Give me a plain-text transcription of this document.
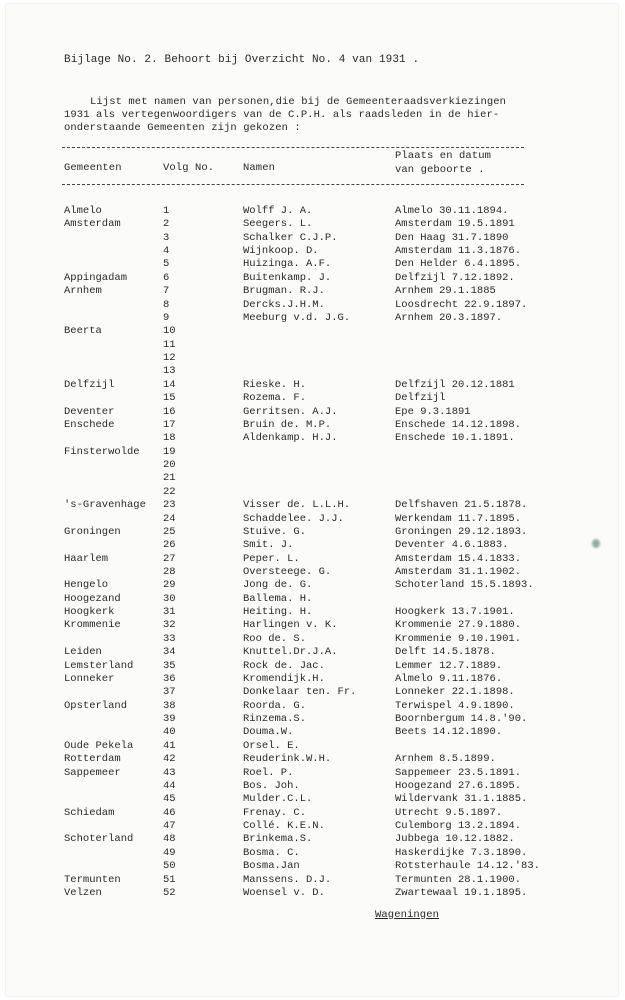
Bijlage No. 2. Behoort bij Overzicht No. 4 van 1931 .
Lijst met namen van personen,die bij de Gemeenteraadsverkiezingen
1931 als vertegenwoordigers van de C.P.H. als raadsleden in de hier-
onderstaande Gemeenten zijn gekozen :
Gemeenten	Volg No.	Namen
Plaats en datum
van geboorte .
Almelo	1	Wolff J. A.	Almelo 30.11.1894.
Amsterdam	2	Seegers. L.	Amsterdam 19.5.1891
3	Schalker C.J.P.	Den Haag 31.7.1890
4	Wijnkoop. D.	Amsterdam 11.3.1876.
5	Huizinga. A.F.	Den Helder 6.4.1895.
Appingadam	6	Buitenkamp. J.	Delfzijl 7.12.1892.
Arnhem	7	Brugman. R.J.	Arnhem 29.1.1885
8	Dercks.J.H.M.	Loosdrecht 22.9.1897.
9	Meeburg v.d. J.G.	Arnhem 20.3.1897.
Beerta	10
11
12
13
Delfzijl	14	Rieske. H.	Delfzijl 20.12.1881
15	Rozema. F.	Delfzijl
Deventer	16	Gerritsen. A.J.	Epe 9.3.1891
Enschede	17	Bruin de. M.P.	Enschede 14.12.1898.
18	Aldenkamp. H.J.	Enschede 10.1.1891.
Finsterwolde 19
20
21
22
's-Gravenhage 23	Visser de. L.L.H.	Delfshaven 21.5.1878.
24	Schaddelee. J.J.	Werkendam 11.7.1895.
Groningen	25	Stuive. G.	Groningen 29.12.1893.
26	Smit. J.	Deventer 4.6.1883.
Haarlem	27	Peper. L.	Amsterdam 15.4.1833.
28	Oversteege. G.	Amsterdam 31.1.1902.
Hengelo	29	Jong de. G.	Schoterland 15.5.1893.
Hoogezand	30	Ballema. H.
Hoogkerk	31	Heiting. H.	Hoogkerk 13.7.1901.
Krommenie	32	Harlingen v. K.	Krommenie 27.9.1880.
33	Roo de. S.	Krommenie 9.10.1901.
Leiden	34	Knuttel.Dr.J.A.	Delft 14.5.1878.
Lemsterland	35	Rock de. Jac.	Lemmer 12.7.1889.
Lonneker	36	Kromendijk.H.	Almelo 9.11.1876.
37	Donkelaar ten. Fr.	Lonneker 22.1.1898.
Opsterland	38	Roorda. G.	Terwispel 4.9.1890.
39	Rinzema.S.	Boornbergum 14.8.'90.
40	Douma.W.	Beets 14.12.1890.
Oude Pekela	41	Orsel. E.
Rotterdam	42	Reuderink.W.H.	Arnhem 8.5.1899.
Sappemeer	43	Roel. P.	Sappemeer 23.5.1891.
44	Bos. Joh.	Hoogezand 27.6.1895.
45	Mulder.C.L.	Wildervank 31.1.1885.
Schiedam	46	Frenay. C.	Utrecht 9.5.1897.
47	Collé. K.E.N.	Culemborg 13.2.1894.
Schoterland	48	Brinkema.S.	Jubbega 10.12.1882.
49	Bosma. C.	Haskerdijke 7.3.1890.
50	Bosma.Jan	Rotsterhaule 14.12.'83.
Termunten	51	Manssens. D.J.	Termunten 28.1.1900.
Velzen	52	Woensel v. D.	Zwartewaal 19.1.1895.
Wageningen
